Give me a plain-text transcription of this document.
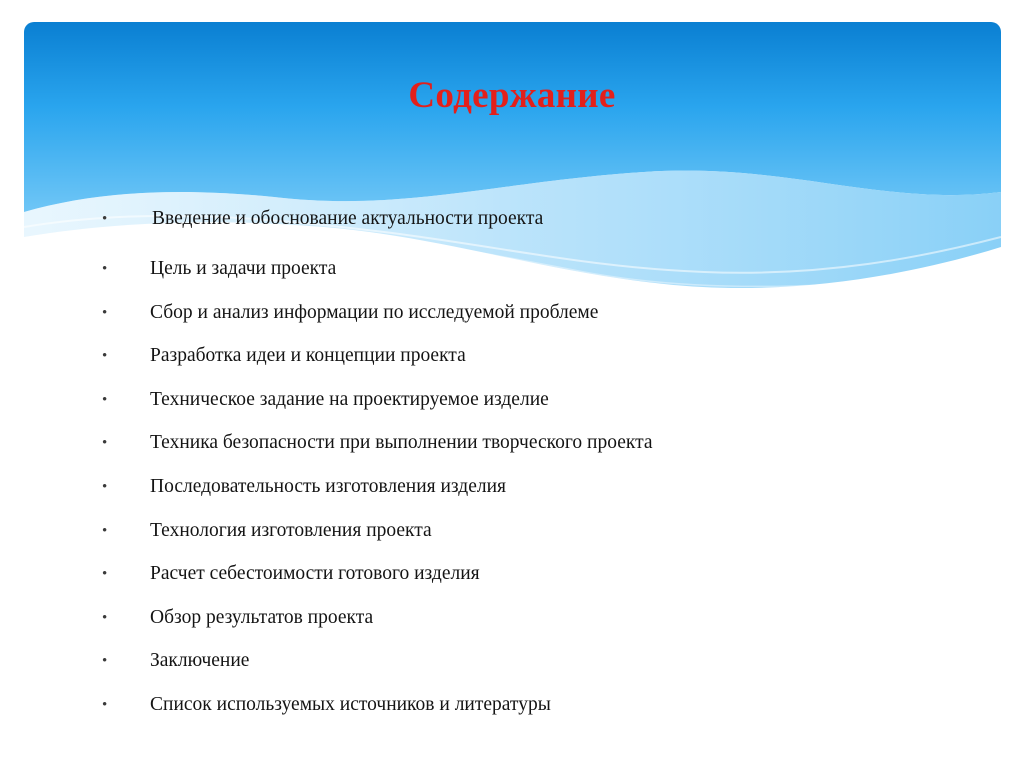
Содержание
•	Введение и обоснование актуальности проекта
•	Цель и задачи проекта
•	Сбор и анализ информации по исследуемой проблеме
•	Разработка идеи и концепции проекта
•	Техническое задание на проектируемое изделие
•	Техника безопасности при выполнении творческого проекта
•	Последовательность изготовления изделия
•	Технология изготовления проекта
•	Расчет себестоимости готового изделия
•	Обзор результатов проекта
•	Заключение
•	Список используемых источников и литературы
